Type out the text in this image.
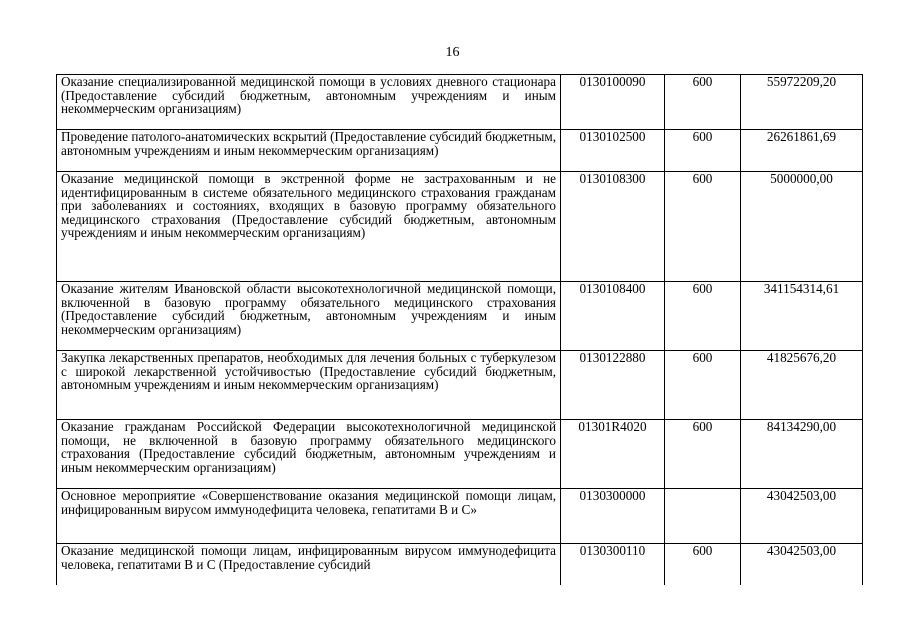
16
Оказание специализированной медицинской помощи в условиях дневного стационара (Предоставление субсидий бюджетным, автономным учреждениям и иным некоммерческим организациям)	0130100090	600	55972209,20
Проведение патолого-анатомических вскрытий (Предоставление субсидий бюджетным, автономным учреждениям и иным некоммерческим организациям)	0130102500	600	26261861,69
Оказание медицинской помощи в экстренной форме не застрахованным и не идентифицированным в системе обязательного медицинского страхования гражданам при заболеваниях и состояниях, входящих в базовую программу обязательного медицинского страхования (Предоставление субсидий бюджетным, автономным учреждениям и иным некоммерческим организациям)	0130108300	600	5000000,00
Оказание жителям Ивановской области высокотехнологичной медицинской помощи, включенной в базовую программу обязательного медицинского страхования (Предоставление субсидий бюджетным, автономным учреждениям и иным некоммерческим организациям)	0130108400	600	341154314,61
Закупка лекарственных препаратов, необходимых для лечения больных с туберкулезом с широкой лекарственной устойчивостью (Предоставление субсидий бюджетным, автономным учреждениям и иным некоммерческим организациям)	0130122880	600	41825676,20
Оказание гражданам Российской Федерации высокотехнологичной медицинской помощи, не включенной в базовую программу обязательного медицинского страхования (Предоставление субсидий бюджетным, автономным учреждениям и иным некоммерческим организациям)	01301R4020	600	84134290,00
Основное мероприятие «Совершенствование оказания медицинской помощи лицам, инфицированным вирусом иммунодефицита человека, гепатитами В и С»	0130300000		43042503,00
Оказание медицинской помощи лицам, инфицированным вирусом иммунодефицита человека, гепатитами В и С (Предоставление субсидий	0130300110	600	43042503,00
